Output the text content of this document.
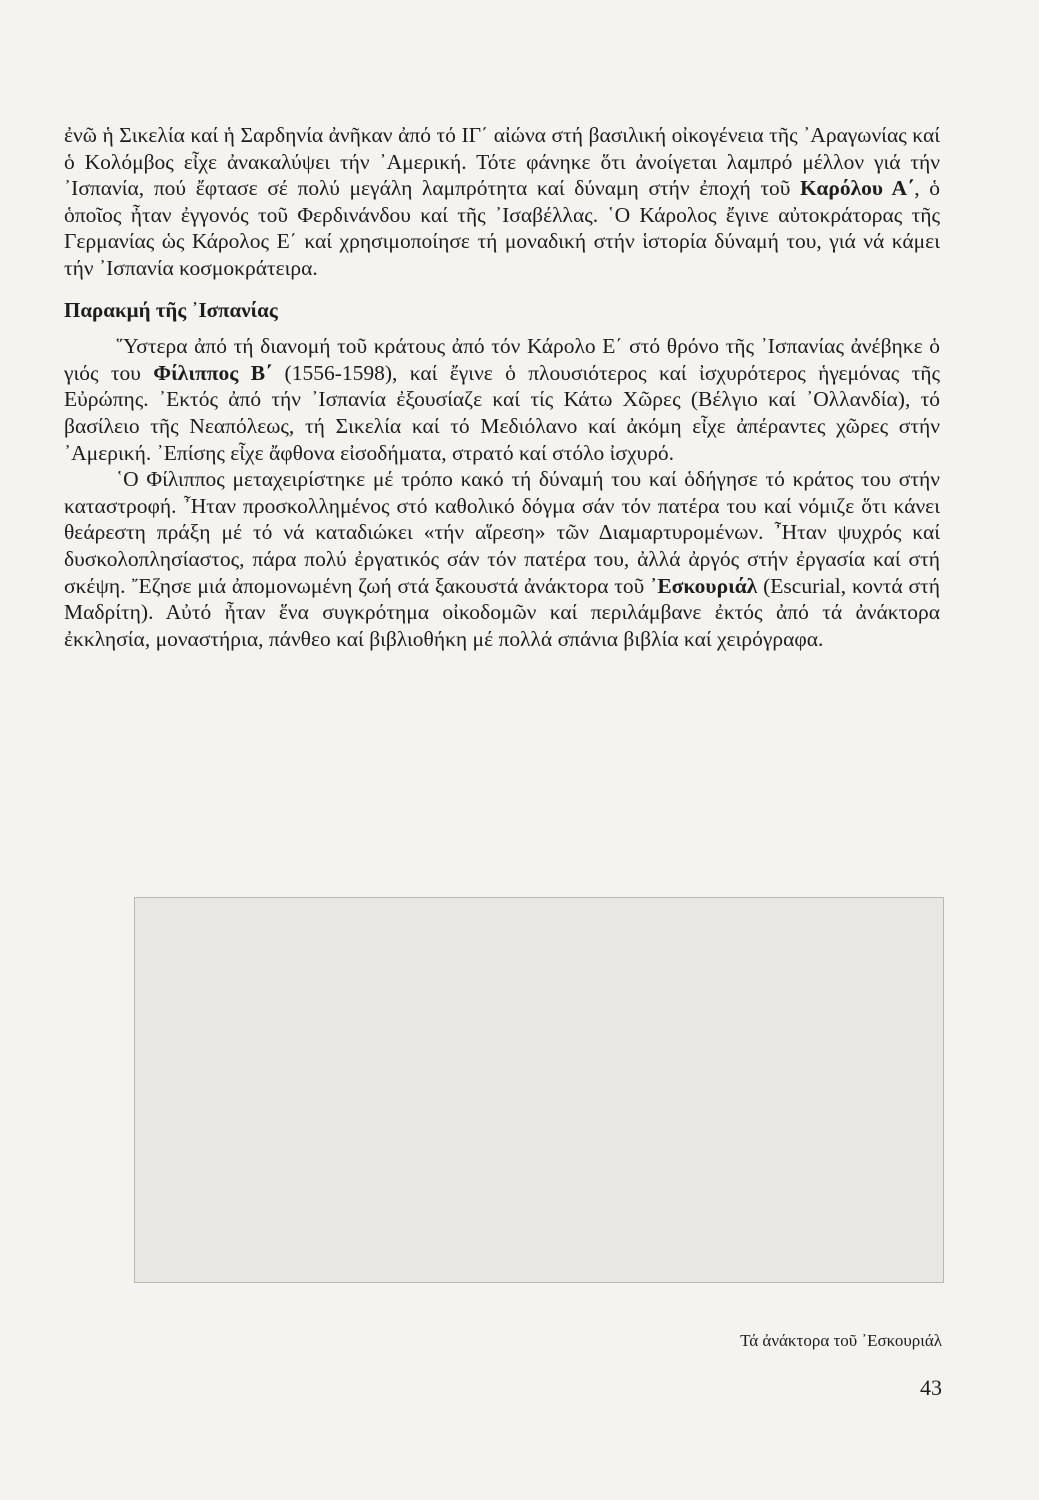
ἐνῶ ἡ Σικελία καί ἡ Σαρδηνία ἀνῆκαν ἀπό τό ΙΓ΄ αἰώνα στή βασιλική οἰκογένεια τῆς ᾽Αραγωνίας καί ὁ Κολόμβος εἶχε ἀνακαλύψει τήν ᾽Αμερική. Τότε φάνηκε ὅτι ἀνοίγεται λαμπρό μέλλον γιά τήν ᾽Ισπανία, πού ἔφτασε σέ πολύ μεγάλη λαμπρότητα καί δύναμη στήν ἐποχή τοῦ Καρόλου Α΄, ὁ ὁποῖος ἦταν ἐγγονός τοῦ Φερδινάνδου καί τῆς ᾽Ισαβέλλας. ῾Ο Κάρολος ἔγινε αὐτοκράτορας τῆς Γερμανίας ὡς Κάρολος Ε΄ καί χρησιμοποίησε τή μοναδική στήν ἱστορία δύναμή του, γιά νά κάμει τήν ᾽Ισπανία κοσμοκράτειρα.

Παρακμή τῆς ᾽Ισπανίας

῞Υστερα ἀπό τή διανομή τοῦ κράτους ἀπό τόν Κάρολο Ε΄ στό θρόνο τῆς ᾽Ισπανίας ἀνέβηκε ὁ γιός του Φίλιππος Β΄ (1556-1598), καί ἔγινε ὁ πλουσιότερος καί ἰσχυρότερος ἡγεμόνας τῆς Εὐρώπης. ᾽Εκτός ἀπό τήν ᾽Ισπανία ἐξουσίαζε καί τίς Κάτω Χῶρες (Βέλγιο καί ᾽Ολλανδία), τό βασίλειο τῆς Νεαπόλεως, τή Σικελία καί τό Μεδιόλανο καί ἀκόμη εἶχε ἀπέραντες χῶρες στήν ᾽Αμερική. ᾽Επίσης εἶχε ἄφθονα εἰσοδήματα, στρατό καί στόλο ἰσχυρό.

῾Ο Φίλιππος μεταχειρίστηκε μέ τρόπο κακό τή δύναμή του καί ὁδήγησε τό κράτος του στήν καταστροφή. ῏Ηταν προσκολλημένος στό καθολικό δόγμα σάν τόν πατέρα του καί νόμιζε ὅτι κάνει θεάρεστη πράξη μέ τό νά καταδιώκει «τήν αἵρεση» τῶν Διαμαρτυρομένων. ῏Ηταν ψυχρός καί δυσκολοπλησίαστος, πάρα πολύ ἐργατικός σάν τόν πατέρα του, ἀλλά ἀργός στήν ἐργασία καί στή σκέψη. ῎Εζησε μιά ἀπομονωμένη ζωή στά ξακουστά ἀνάκτορα τοῦ ᾽Εσκουριάλ (Escurial, κοντά στή Μαδρίτη). Αὐτό ἦταν ἕνα συγκρότημα οἰκοδομῶν καί περιλάμβανε ἐκτός ἀπό τά ἀνάκτορα ἐκκλησία, μοναστήρια, πάνθεο καί βιβλιοθήκη μέ πολλά σπάνια βιβλία καί χειρόγραφα.

Τά ἀνάκτορα τοῦ ᾽Εσκουριάλ
43
